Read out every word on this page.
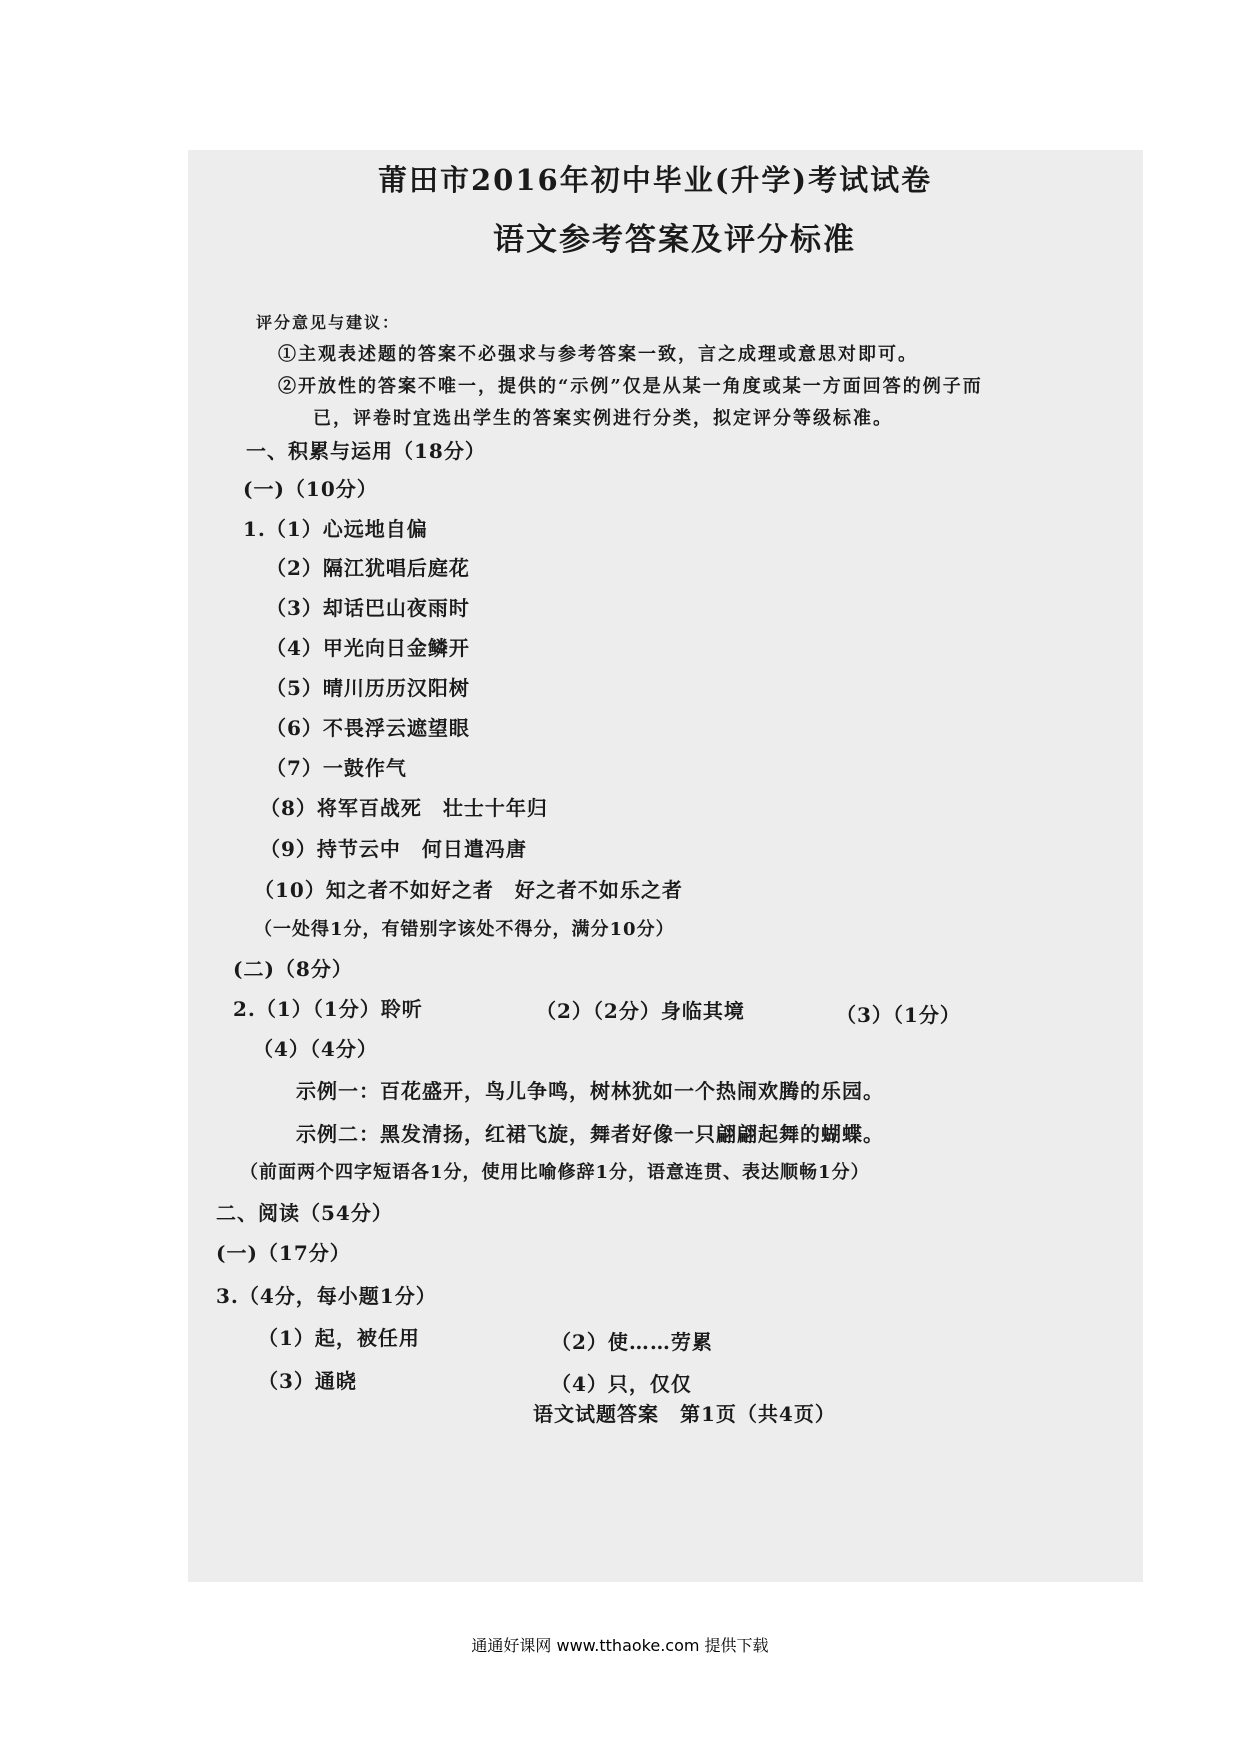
莆田市2016年初中毕业(升学)考试试卷
语文参考答案及评分标准
评分意见与建议：
①主观表述题的答案不必强求与参考答案一致，言之成理或意思对即可。
②开放性的答案不唯一，提供的“示例”仅是从某一角度或某一方面回答的例子而
已，评卷时宜选出学生的答案实例进行分类，拟定评分等级标准。
一、积累与运用（18分）
(一)（10分）
1.（1）心远地自偏
（2）隔江犹唱后庭花
（3）却话巴山夜雨时
（4）甲光向日金鳞开
（5）晴川历历汉阳树
（6）不畏浮云遮望眼
（7）一鼓作气
（8）将军百战死　壮士十年归
（9）持节云中　何日遣冯唐
（10）知之者不如好之者　好之者不如乐之者
（一处得1分，有错别字该处不得分，满分10分）
(二)（8分）
2.（1）（1分）聆听	（2）（2分）身临其境	（3）（1分）
（4）（4分）
示例一：百花盛开，鸟儿争鸣，树林犹如一个热闹欢腾的乐园。
示例二：黑发清扬，红裙飞旋，舞者好像一只翩翩起舞的蝴蝶。
（前面两个四字短语各1分，使用比喻修辞1分，语意连贯、表达顺畅1分）
二、阅读（54分）
(一)（17分）
3.（4分，每小题1分）
（1）起，被任用	（2）使……劳累
（3）通晓	（4）只，仅仅
语文试题答案　第1页（共4页）
通通好课网 www.tthaoke.com 提供下载
